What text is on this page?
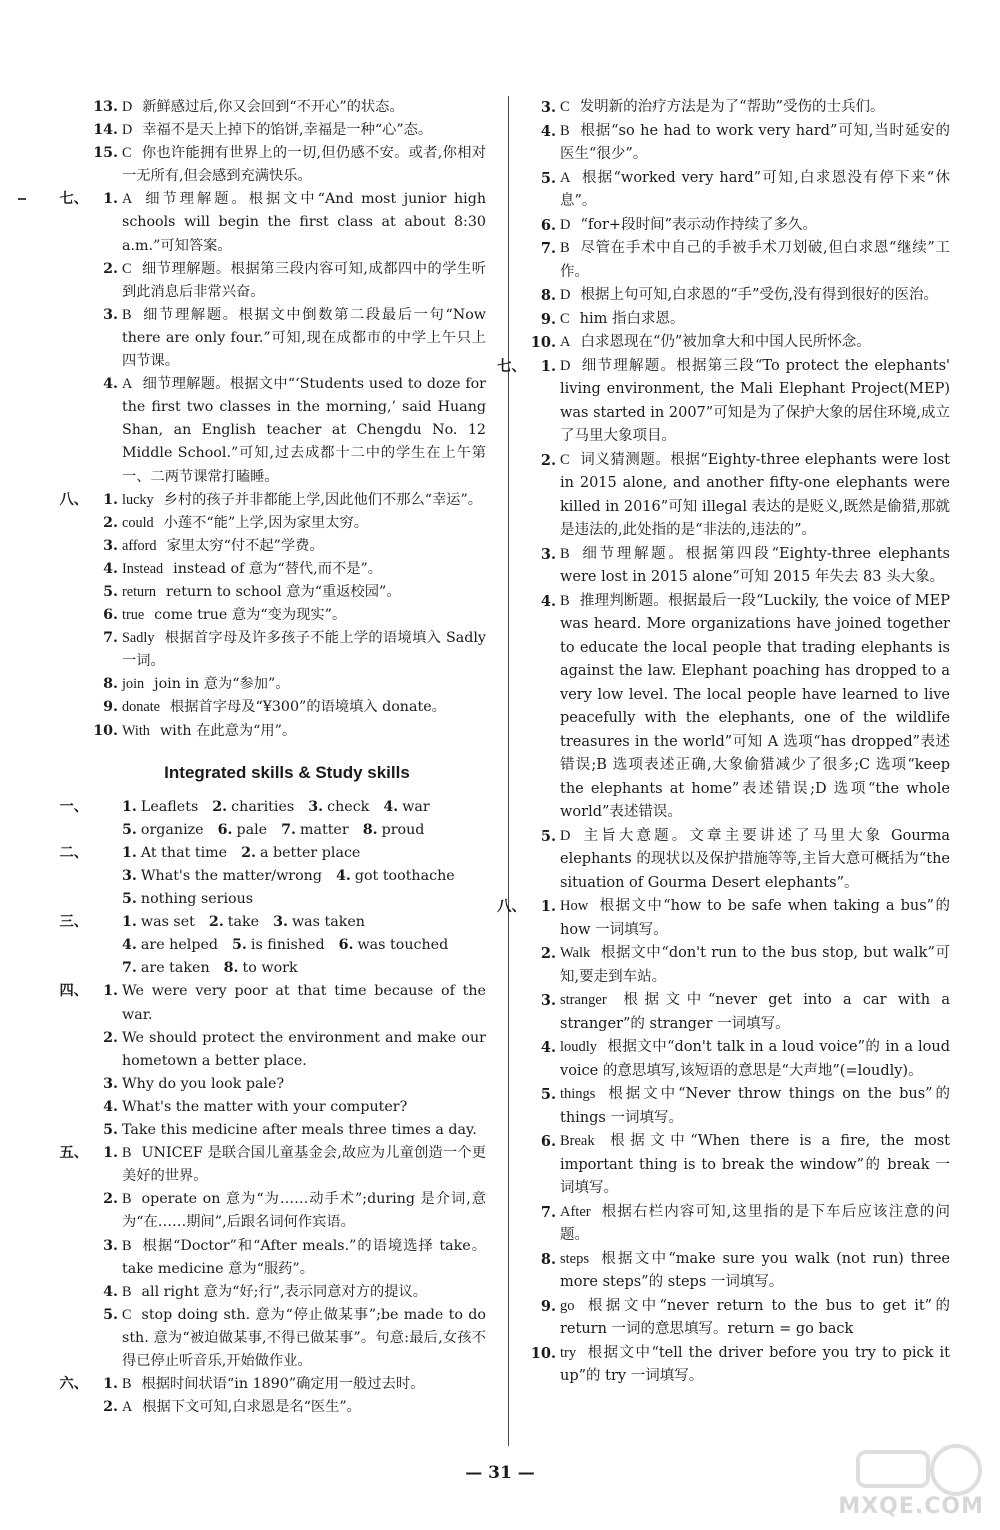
13. D 新鲜感过后,你又会回到“不开心”的状态。
14. D 幸福不是天上掉下的馅饼,幸福是一种“心”态。
15. C 你也许能拥有世界上的一切,但仍感不安。或者,你相对一无所有,但会感到充满快乐。
七、	1. A 细节理解题。根据文中“And most junior high schools will begin the first class at about 8:30 a.m.”可知答案。
2. C 细节理解题。根据第三段内容可知,成都四中的学生听到此消息后非常兴奋。
3. B 细节理解题。根据文中倒数第二段最后一句“Now there are only four.”可知,现在成都市的中学上午只上四节课。
4. A 细节理解题。根据文中“‘Students used to doze for the first two classes in the morning,’ said Huang Shan, an English teacher at Chengdu No. 12 Middle School.”可知,过去成都十二中的学生在上午第一、二两节课常打瞌睡。
八、	1. lucky 乡村的孩子并非都能上学,因此他们不那么“幸运”。
2. could 小莲不“能”上学,因为家里太穷。
3. afford 家里太穷“付不起”学费。
4. Instead instead of 意为“替代,而不是”。
5. return return to school 意为“重返校园”。
6. true come true 意为“变为现实”。
7. Sadly 根据首字母及许多孩子不能上学的语境填入 Sadly 一词。
8. join join in 意为“参加”。
9. donate 根据首字母及“¥300”的语境填入 donate。
10. With with 在此意为“用”。
Integrated skills & Study skills
一、	1. Leaflets 2. charities 3. check 4. war
5. organize 6. pale 7. matter 8. proud
二、	1. At that time 2. a better place
3. What's the matter/wrong 4. got toothache
5. nothing serious
三、	1. was set 2. take 3. was taken
4. are helped 5. is finished 6. was touched
7. are taken 8. to work
四、	1. We were very poor at that time because of the war.
2. We should protect the environment and make our hometown a better place.
3. Why do you look pale?
4. What's the matter with your computer?
5. Take this medicine after meals three times a day.
五、	1. B UNICEF 是联合国儿童基金会,故应为儿童创造一个更美好的世界。
2. B operate on 意为“为……动手术”;during 是介词,意为“在……期间”,后跟名词何作宾语。
3. B 根据“Doctor”和“After meals.”的语境选择 take。take medicine 意为“服药”。
4. B all right 意为“好;行”,表示同意对方的提议。
5. C stop doing sth. 意为“停止做某事”;be made to do sth. 意为“被迫做某事,不得已做某事”。句意:最后,女孩不得已停止听音乐,开始做作业。
六、	1. B 根据时间状语“in 1890”确定用一般过去时。
2. A 根据下文可知,白求恩是名“医生”。
3. C 发明新的治疗方法是为了“帮助”受伤的士兵们。
4. B 根据“so he had to work very hard”可知,当时延安的医生“很少”。
5. A 根据“worked very hard”可知,白求恩没有停下来“休息”。
6. D “for+段时间”表示动作持续了多久。
7. B 尽管在手术中自己的手被手术刀划破,但白求恩“继续”工作。
8. D 根据上句可知,白求恩的“手”受伤,没有得到很好的医治。
9. C him 指白求恩。
10. A 白求恩现在“仍”被加拿大和中国人民所怀念。
七、	1. D 细节理解题。根据第三段“To protect the elephants' living environment, the Mali Elephant Project(MEP) was started in 2007”可知是为了保护大象的居住环境,成立了马里大象项目。
2. C 词义猜测题。根据“Eighty-three elephants were lost in 2015 alone, and another fifty-one elephants were killed in 2016”可知 illegal 表达的是贬义,既然是偷猎,那就是违法的,此处指的是“非法的,违法的”。
3. B 细节理解题。根据第四段“Eighty-three elephants were lost in 2015 alone”可知 2015 年失去 83 头大象。
4. B 推理判断题。根据最后一段“Luckily, the voice of MEP was heard. More organizations have joined together to educate the local people that trading elephants is against the law. Elephant poaching has dropped to a very low level. The local people have learned to live peacefully with the elephants, one of the wildlife treasures in the world”可知 A 选项“has dropped”表述错误;B 选项表述正确,大象偷猎减少了很多;C 选项“keep the elephants at home”表述错误;D 选项“the whole world”表述错误。
5. D 主旨大意题。文章主要讲述了马里大象 Gourma elephants 的现状以及保护措施等等,主旨大意可概括为“the situation of Gourma Desert elephants”。
八、	1. How 根据文中“how to be safe when taking a bus”的 how 一词填写。
2. Walk 根据文中“don't run to the bus stop, but walk”可知,要走到车站。
3. stranger 根据文中“never get into a car with a stranger”的 stranger 一词填写。
4. loudly 根据文中“don't talk in a loud voice”的 in a loud voice 的意思填写,该短语的意思是“大声地”(=loudly)。
5. things 根据文中“Never throw things on the bus”的 things 一词填写。
6. Break 根据文中“When there is a fire, the most important thing is to break the window”的 break 一词填写。
7. After 根据右栏内容可知,这里指的是下车后应该注意的问题。
8. steps 根据文中“make sure you walk (not run) three more steps”的 steps 一词填写。
9. go 根据文中“never return to the bus to get it”的 return 一词的意思填写。return = go back
10. try 根据文中“tell the driver before you try to pick it up”的 try 一词填写。
— 31 —
MXQE.COM
